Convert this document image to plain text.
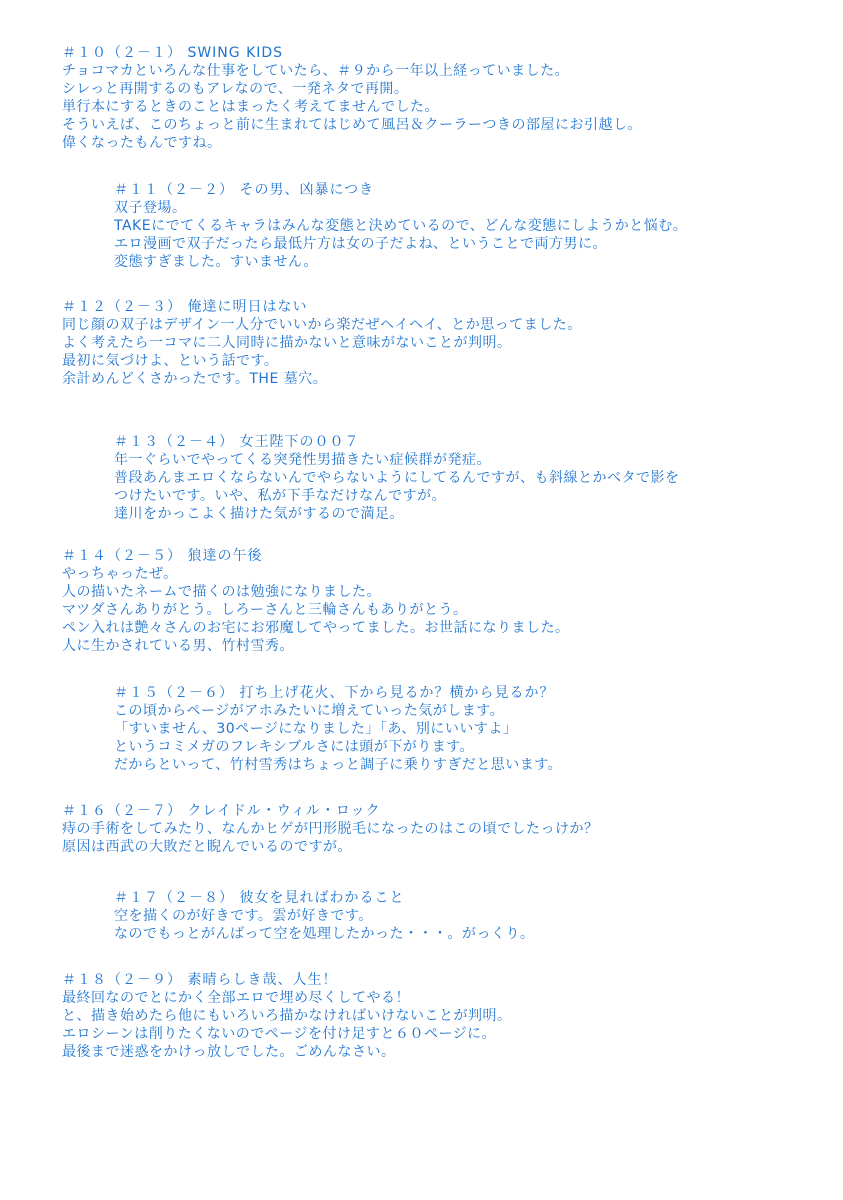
＃１０（２－１） SWING KIDS
チョコマカといろんな仕事をしていたら、＃９から一年以上経っていました。
シレっと再開するのもアレなので、一発ネタで再開。
単行本にするときのことはまったく考えてませんでした。
そういえば、このちょっと前に生まれてはじめて風呂＆クーラーつきの部屋にお引越し。
偉くなったもんですね。
＃１１（２－２） その男、凶暴につき
双子登場。
TAKEにでてくるキャラはみんな変態と決めているので、どんな変態にしようかと悩む。
エロ漫画で双子だったら最低片方は女の子だよね、ということで両方男に。
変態すぎました。すいません。
＃１２（２－３） 俺達に明日はない
同じ顔の双子はデザイン一人分でいいから楽だぜヘイヘイ、とか思ってました。
よく考えたら一コマに二人同時に描かないと意味がないことが判明。
最初に気づけよ、という話です。
余計めんどくさかったです。THE 墓穴。
＃１３（２－４） 女王陛下の００７
年一ぐらいでやってくる突発性男描きたい症候群が発症。
普段あんまエロくならないんでやらないようにしてるんですが、も斜線とかベタで影を
つけたいです。いや、私が下手なだけなんですが。
達川をかっこよく描けた気がするので満足。
＃１４（２－５） 狼達の午後
やっちゃったぜ。
人の描いたネームで描くのは勉強になりました。
マツダさんありがとう。しろーさんと三輪さんもありがとう。
ペン入れは艶々さんのお宅にお邪魔してやってました。お世話になりました。
人に生かされている男、竹村雪秀。
＃１５（２－６） 打ち上げ花火、下から見るか？横から見るか？
この頃からページがアホみたいに増えていった気がします。
「すいません、30ページになりました」「あ、別にいいすよ」
というコミメガのフレキシブルさには頭が下がります。
だからといって、竹村雪秀はちょっと調子に乗りすぎだと思います。
＃１６（２－７） クレイドル・ウィル・ロック
痔の手術をしてみたり、なんかヒゲが円形脱毛になったのはこの頃でしたっけか？
原因は西武の大敗だと睨んでいるのですが。
＃１７（２－８） 彼女を見ればわかること
空を描くのが好きです。雲が好きです。
なのでもっとがんばって空を処理したかった・・・。がっくり。
＃１８（２－９） 素晴らしき哉、人生！
最終回なのでとにかく全部エロで埋め尽くしてやる！
と、描き始めたら他にもいろいろ描かなければいけないことが判明。
エロシーンは削りたくないのでページを付け足すと６０ページに。
最後まで迷惑をかけっ放しでした。ごめんなさい。
